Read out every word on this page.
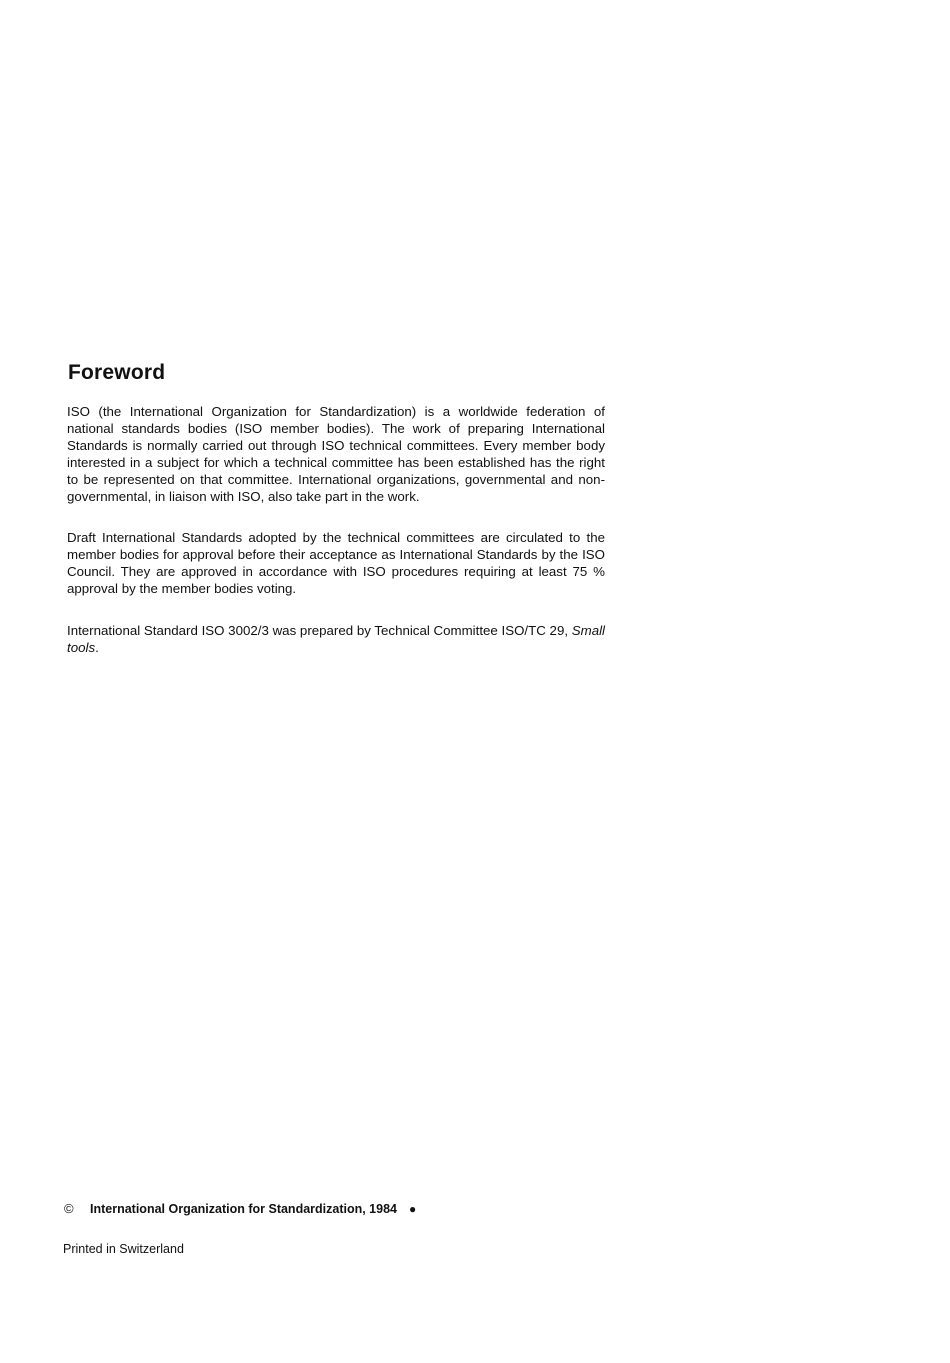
Foreword

ISO (the International Organization for Standardization) is a worldwide federation of national standards bodies (ISO member bodies). The work of preparing International Standards is normally carried out through ISO technical committees. Every member body interested in a subject for which a technical committee has been established has the right to be represented on that committee. International organizations, governmental and non-governmental, in liaison with ISO, also take part in the work.

Draft International Standards adopted by the technical committees are circulated to the member bodies for approval before their acceptance as International Standards by the ISO Council. They are approved in accordance with ISO procedures requiring at least 75 % approval by the member bodies voting.

International Standard ISO 3002/3 was prepared by Technical Committee ISO/TC 29, Small tools.

© International Organization for Standardization, 1984 ●
Printed in Switzerland
